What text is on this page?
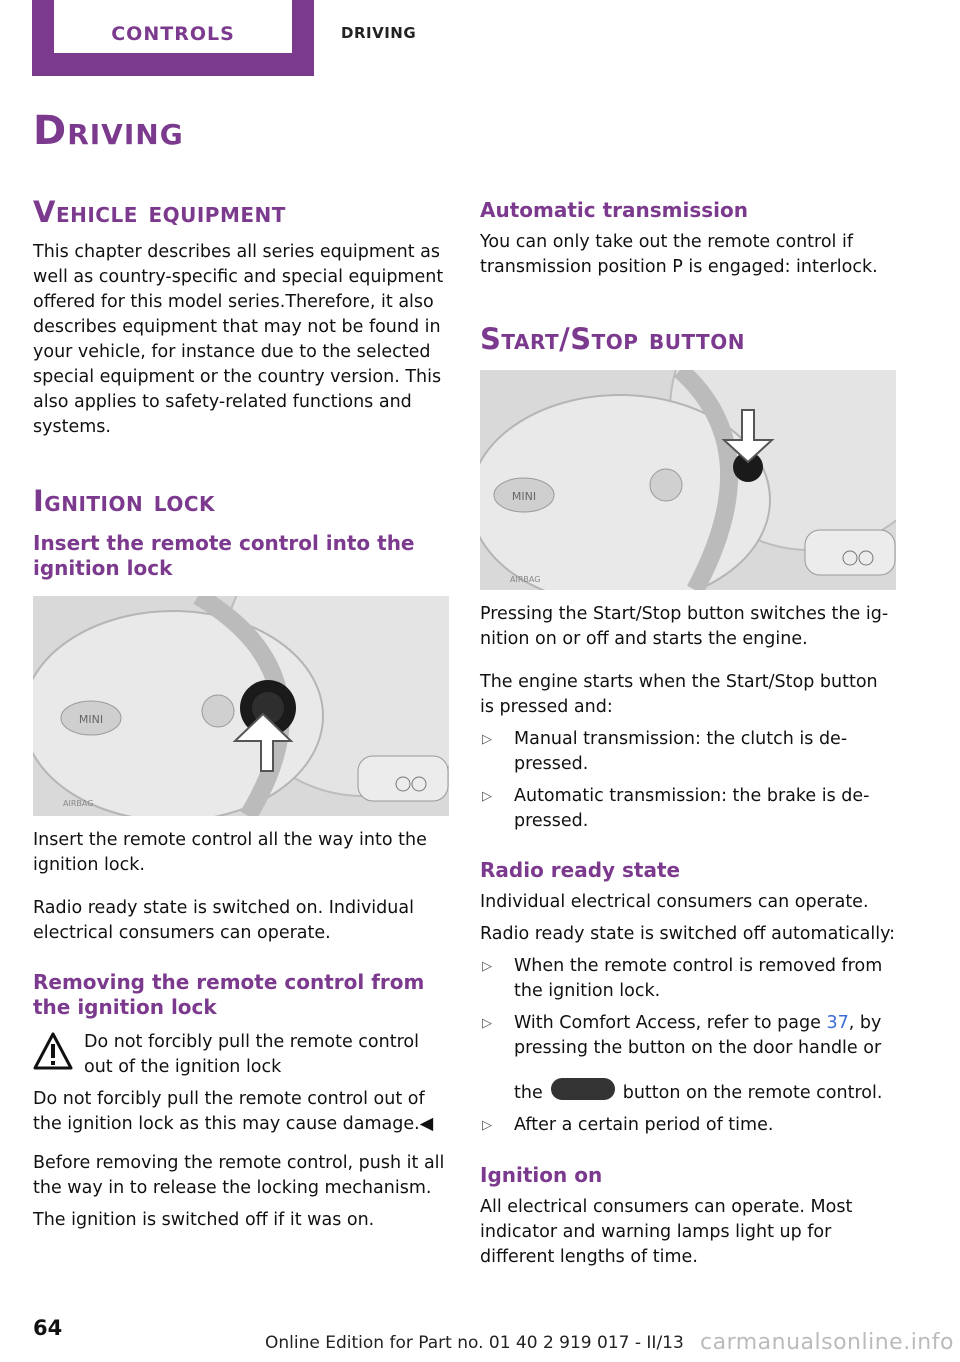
CONTROLS	DRIVING
Driving
Vehicle equipment

This chapter describes all series equipment as well as country-specific and special equipment offered for this model series.Therefore, it also describes equipment that may not be found in your vehicle, for instance due to the selected special equipment or the country version. This also applies to safety-related functions and systems.

Ignition lock
Insert the remote control into the ignition lock
MINI
AIRBAG

Insert the remote control all the way into the ignition lock.

Radio ready state is switched on. Individual electrical consumers can operate.

Removing the remote control from the ignition lock

Do not forcibly pull the remote control out of the ignition lock

Do not forcibly pull the remote control out of the ignition lock as this may cause damage.◀

Before removing the remote control, push it all the way in to release the locking mechanism.

The ignition is switched off if it was on.

Automatic transmission

You can only take out the remote control if transmission position P is engaged: interlock.

Start/Stop button
MINI
AIRBAG

Pressing the Start/Stop button switches the ignition on or off and starts the engine.

The engine starts when the Start/Stop button is pressed and:

▷ Manual transmission: the clutch is depressed.
▷ Automatic transmission: the brake is depressed.
Radio ready state

Individual electrical consumers can operate.

Radio ready state is switched off automatically:

▷ When the remote control is removed from the ignition lock.
▷ With Comfort Access, refer to page 37, by pressing the button on the door handle or
the	button on the remote control.
▷ After a certain period of time.
Ignition on

All electrical consumers can operate. Most indicator and warning lamps light up for different lengths of time.

64
Online Edition for Part no. 01 40 2 919 017 - II/13 carmanualsonline.info
